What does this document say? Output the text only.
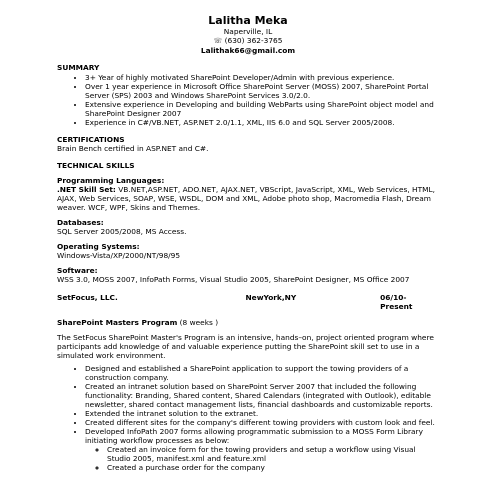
Lalitha Meka
Naperville, IL
☏ (630) 362-3765
Lalithak66@gmail.com
SUMMARY
• 3+ Year of highly motivated SharePoint Developer/Admin with previous experience.
• Over 1 year experience in Microsoft Office SharePoint Server (MOSS) 2007, SharePoint Portal Server (SPS) 2003 and Windows SharePoint Services 3.0/2.0.
• Extensive experience in Developing and building WebParts using SharePoint object model and SharePoint Designer 2007
• Experience in C#/VB.NET, ASP.NET 2.0/1.1, XML, IIS 6.0 and SQL Server 2005/2008.
CERTIFICATIONS
Brain Bench certified in ASP.NET and C#.
TECHNICAL SKILLS
Programming Languages:
.NET Skill Set: VB.NET,ASP.NET, ADO.NET, AJAX.NET, VBScript, JavaScript, XML, Web Services, HTML, AJAX, Web Services, SOAP, WSE, WSDL, DOM and XML, Adobe photo shop, Macromedia Flash, Dream weaver. WCF, WPF, Skins and Themes.
Databases:
SQL Server 2005/2008, MS Access.
Operating Systems:
Windows-Vista/XP/2000/NT/98/95
Software:
WSS 3.0, MOSS 2007, InfoPath Forms, Visual Studio 2005, SharePoint Designer, MS Office 2007
SetFocus, LLC.	NewYork,NY	06/10- Present
SharePoint Masters Program (8 weeks )
The SetFocus SharePoint Master's Program is an intensive, hands–on, project oriented program where participants add knowledge of and valuable experience putting the SharePoint skill set to use in a simulated work environment.
• Designed and established a SharePoint application to support the towing providers of a construction company.
• Created an intranet solution based on SharePoint Server 2007 that included the following functionality: Branding, Shared content, Shared Calendars (integrated with Outlook), editable newsletter, shared contact management lists, financial dashboards and customizable reports.
• Extended the intranet solution to the extranet.
• Created different sites for the company's different towing providers with custom look and feel.
• Developed InfoPath 2007 forms allowing programmatic submission to a MOSS Form Library initiating workflow processes as below:
◦ Created an invoice form for the towing providers and setup a workflow using Visual Studio 2005, manifest.xml and feature.xml
◦ Created a purchase order for the company
